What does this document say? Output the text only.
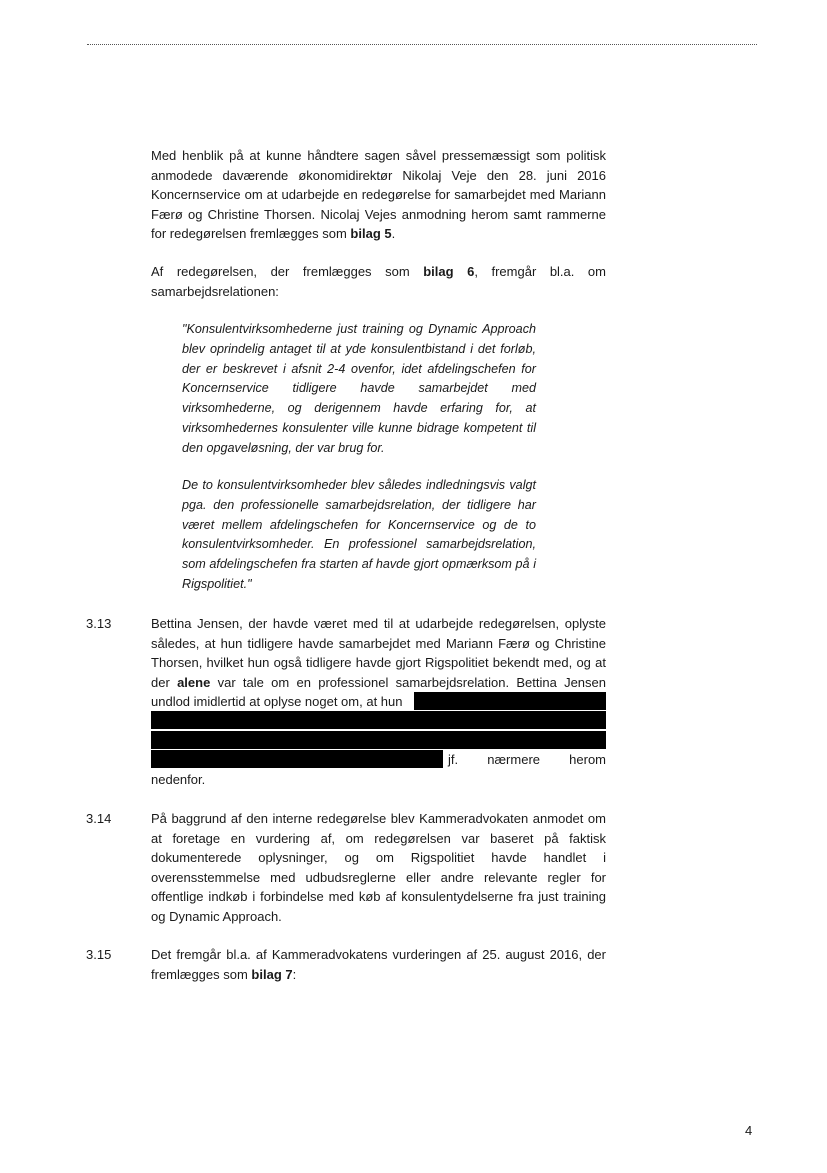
Med henblik på at kunne håndtere sagen såvel pressemæssigt som politisk anmodede daværende økonomidirektør Nikolaj Veje den 28. juni 2016 Koncernservice om at udarbejde en redegørelse for samarbejdet med Mariann Færø og Christine Thorsen. Nicolaj Vejes anmodning herom samt rammerne for redegørelsen fremlægges som bilag 5.

Af redegørelsen, der fremlægges som bilag 6, fremgår bl.a. om samarbejdsrelationen:

"Konsulentvirksomhederne just training og Dynamic Approach blev oprindelig antaget til at yde konsulentbistand i det forløb, der er beskrevet i afsnit 2-4 ovenfor, idet afdelingschefen for Koncernservice tidligere havde samarbejdet med virksomhederne, og derigennem havde erfaring for, at virksomhedernes konsulenter ville kunne bidrage kompetent til den opgaveløsning, der var brug for.

De to konsulentvirksomheder blev således indledningsvis valgt pga. den professionelle samarbejdsrelation, der tidligere har været mellem afdelingschefen for Koncernservice og de to konsulentvirksomheder. En professionel samarbejdsrelation, som afdelingschefen fra starten af havde gjort opmærksom på i Rigspolitiet."

3.13	Bettina Jensen, der havde været med til at udarbejde redegørelsen, oplyste således, at hun tidligere havde samarbejdet med Mariann Færø og Christine Thorsen, hvilket hun også tidligere havde gjort Rigspolitiet bekendt med, og at der alene var tale om en professionel samarbejdsrelation. Bettina Jensen undlod imidlertid at oplyse noget om, at hun

jf. nærmere herom nedenfor.

3.14	På baggrund af den interne redegørelse blev Kammeradvokaten anmodet om at foretage en vurdering af, om redegørelsen var baseret på faktisk dokumenterede oplysninger, og om Rigspolitiet havde handlet i overensstemmelse med udbudsreglerne eller andre relevante regler for offentlige indkøb i forbindelse med køb af konsulentydelserne fra just training og Dynamic Approach.

3.15	Det fremgår bl.a. af Kammeradvokatens vurderingen af 25. august 2016, der fremlægges som bilag 7:

4
